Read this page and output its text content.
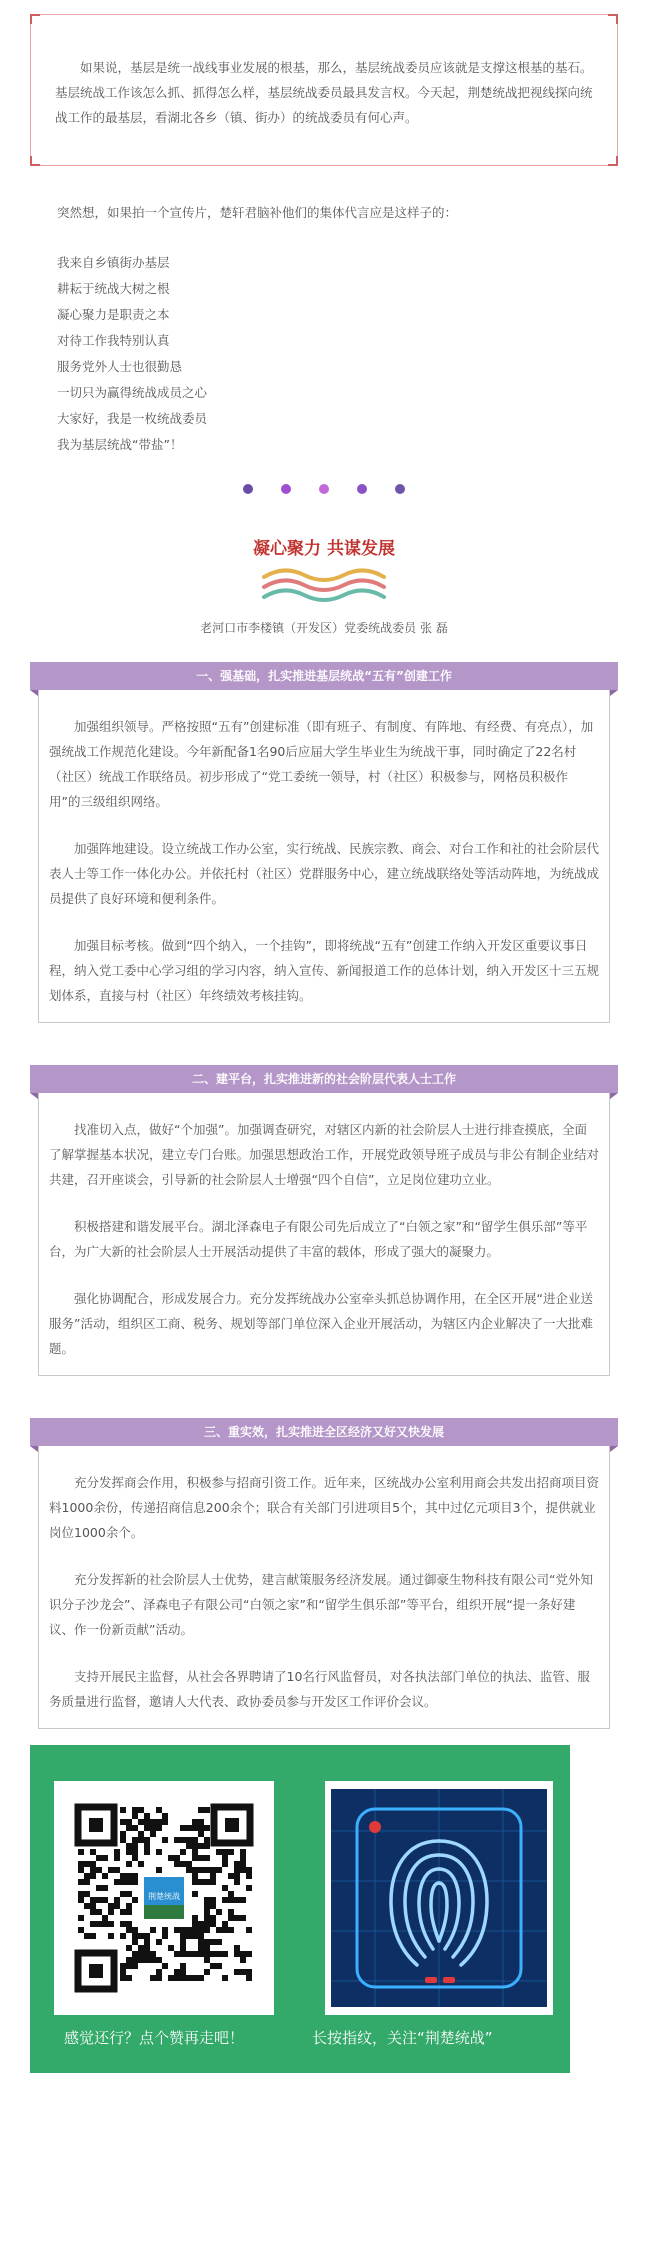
如果说，基层是统一战线事业发展的根基，那么，基层统战委员应该就是支撑这根基的基石。基层统战工作该怎么抓、抓得怎么样，基层统战委员最具发言权。今天起，荆楚统战把视线探向统战工作的最基层，看湖北各乡（镇、街办）的统战委员有何心声。

突然想，如果拍一个宣传片，楚轩君脑补他们的集体代言应是这样子的：

我来自乡镇街办基层
耕耘于统战大树之根
凝心聚力是职责之本
对待工作我特别认真
服务党外人士也很勤恳
一切只为赢得统战成员之心
大家好，我是一枚统战委员
我为基层统战“带盐”！
凝心聚力 共谋发展

老河口市李楼镇（开发区）党委统战委员 张 磊

一、强基础，扎实推进基层统战“五有”创建工作

加强组织领导。严格按照“五有”创建标准（即有班子、有制度、有阵地、有经费、有亮点），加强统战工作规范化建设。今年新配备1名90后应届大学生毕业生为统战干事，同时确定了22名村（社区）统战工作联络员。初步形成了“党工委统一领导，村（社区）积极参与，网格员积极作用”的三级组织网络。

加强阵地建设。设立统战工作办公室，实行统战、民族宗教、商会、对台工作和社的社会阶层代表人士等工作一体化办公。并依托村（社区）党群服务中心，建立统战联络处等活动阵地，为统战成员提供了良好环境和便利条件。

加强目标考核。做到“四个纳入，一个挂钩”，即将统战“五有”创建工作纳入开发区重要议事日程，纳入党工委中心学习组的学习内容，纳入宣传、新闻报道工作的总体计划，纳入开发区十三五规划体系，直接与村（社区）年终绩效考核挂钩。

二、建平台，扎实推进新的社会阶层代表人士工作

找准切入点，做好“个加强”。加强调查研究，对辖区内新的社会阶层人士进行排查摸底，全面了解掌握基本状况，建立专门台账。加强思想政治工作，开展党政领导班子成员与非公有制企业结对共建，召开座谈会，引导新的社会阶层人士增强“四个自信”，立足岗位建功立业。

积极搭建和谐发展平台。湖北泽森电子有限公司先后成立了“白领之家”和“留学生俱乐部”等平台，为广大新的社会阶层人士开展活动提供了丰富的载体，形成了强大的凝聚力。

强化协调配合，形成发展合力。充分发挥统战办公室牵头抓总协调作用，在全区开展“进企业送服务”活动，组织区工商、税务、规划等部门单位深入企业开展活动，为辖区内企业解决了一大批难题。

三、重实效，扎实推进全区经济又好又快发展

充分发挥商会作用，积极参与招商引资工作。近年来，区统战办公室利用商会共发出招商项目资料1000余份，传递招商信息200余个；联合有关部门引进项目5个，其中过亿元项目3个，提供就业岗位1000余个。

充分发挥新的社会阶层人士优势，建言献策服务经济发展。通过御豪生物科技有限公司“党外知识分子沙龙会”、泽森电子有限公司“白领之家”和“留学生俱乐部”等平台，组织开展“提一条好建议、作一份新贡献”活动。

支持开展民主监督，从社会各界聘请了10名行风监督员，对各执法部门单位的执法、监管、服务质量进行监督，邀请人大代表、政协委员参与开发区工作评价会议。

荆楚统战

感觉还行？点个赞再走吧！	长按指纹，关注“荆楚统战”
